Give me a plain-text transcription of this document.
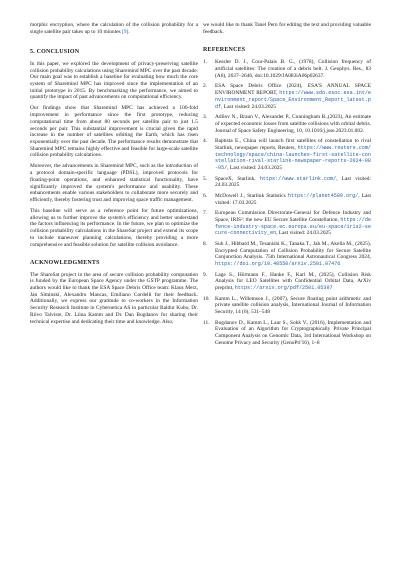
morphic encryption, where the calculation of the collision probability for a single satellite pair takes up to 10 minutes [9].

5. CONCLUSION

In this paper, we explored the development of privacy-preserving satellite collision probability calculations using Sharemind MPC over the past decade. Our main goal was to establish a baseline for evaluating how much the core system of Sharemind MPC has improved since the implementation of an initial prototype in 2015. By benchmarking the performance, we aimed to quantify the impact of past advancements on computational efficiency.

Our findings show that Sharemind MPC has achieved a 100-fold improvement in performance since the first prototype, reducing computational time from about 80 seconds per satellite pair to just 1.5 seconds per pair. This substantial improvement is crucial given the rapid increase in the number of satellites orbiting the Earth, which has risen exponentially over the past decade. The performance results demonstrate that Sharemind MPC remains highly effective and feasible for large-scale satellite collision probability calculations.

Moreover, the advancements in Sharemind MPC, such as the introduction of a protocol domain-specific language (PDSL), improved protocols for floating-point operations, and enhanced statistical functionality, have significantly improved the system's performance and usability. These enhancements enable various stakeholders to collaborate more securely and efficiently, thereby fostering trust and improving space traffic management.

This baseline will serve as a reference point for future optimizations, allowing us to further improve the system's efficiency and better understand the factors influencing its performance. In the future, we plan to optimize the collision probability calculations in the ShareSat project and extend its scope to include maneuver planning calculations, thereby providing a more comprehensive and feasible solution for satellite collision avoidance.

ACKNOWLEDGMENTS

The ShareSat project in the area of secure collision probability computation is funded by the European Space Agency under the GSTP programme. The authors would like to thank the ESA Space Debris Office team: Klaus Merz, Jan Siminski, Alexandru Mancas, Emiliano Cordelli for their feedback. Additionally, we express our gratitude to co-workers in the Information Security Research Institute in Cybernetica AS in particular Baldur Kubo, Dr. Riivo Talviste, Dr. Liina Kamm and Dr. Dan Bogdanov for sharing their technical expertise and dedicating their time and knowledge. Also,

we would like to thank Tanel Pern for editing the text and providing valuable feedback.

REFERENCES
1. Kessler D. J., Cour-Palais B. G., (1978), Collision frequency of artificial satellites: The creation of a debris belt. J. Geophys. Res., 83 (A6), 2637–2646, doi:10.1029/JA083iA06p02637.
2. ESA Space Debris Office (2024), ESA'S ANNUAL SPACE ENVIRONMENT REPORT, https://www.sdo.esoc.esa.int/environment_report/Space_Environment_Report_latest.pdf, Last visited: 24.03.2025
3. Adilov N., Braun V., Alexander P., Cunningham B.,(2023), An estimate of expected economic losses from satellite collisions with orbital debris. Journal of Space Safety Engineering, 10, 10.1016/j.jsse.2023.01.002.
4. Baptista E., China will launch first satellites of constellation to rival Starlink, newspaper reports, Reuters, https://www.reuters.com/technology/space/china-launches-first-satellite-constellation-rival-starlink-newspaper-reports-2024-08-05/, Last visited: 24.03.2025
5. SpaceX, Starlink, https://www.starlink.com/, Last visited: 24.03.2025
6. McDowell J., Starlink Statistics https://planet4589.org/, Last visited: 17.03.2025
7. European Commission Directorate-General for Defence Industry and Space, IRIS²: the new EU Secure Satellite Constellation, https://defence-industry-space.ec.europa.eu/eu-space/iris2-secure-connectivity_en, Last visited: 24.03.2025
8. Suh J., Hibbard M., Tesanishi K., Tanaka T., Jah M., Akella M., (2025), Encrypted Computation of Collision Probability for Secure Satellite Conjunction Analysis. 75th International Astronautical Congress 2024, https://doi.org/10.48550/arXiv.2501.07476
9. Lage S., Hörmann F., Hanke F., Karl M., (2025), Collision Risk Analysis for LEO Satellites with Confidential Orbital Data, ArXiv preprint, https://arxiv.org/pdf/2501.05397
10. Kamm L., Willemson J., (2007), Secure floating point arithmetic and private satellite collision analysis, International Journal of Information Security, 14 (6), 531–548
11. Bogdanov D., Kamm L., Laur S., Sokk V., (2016), Implementation and Evaluation of an Algorithm for Cryptographically Private Principal Component Analysis on Genomic Data, 3rd International Workshop on Genome Privacy and Security (GenoPri'16), 1–8
